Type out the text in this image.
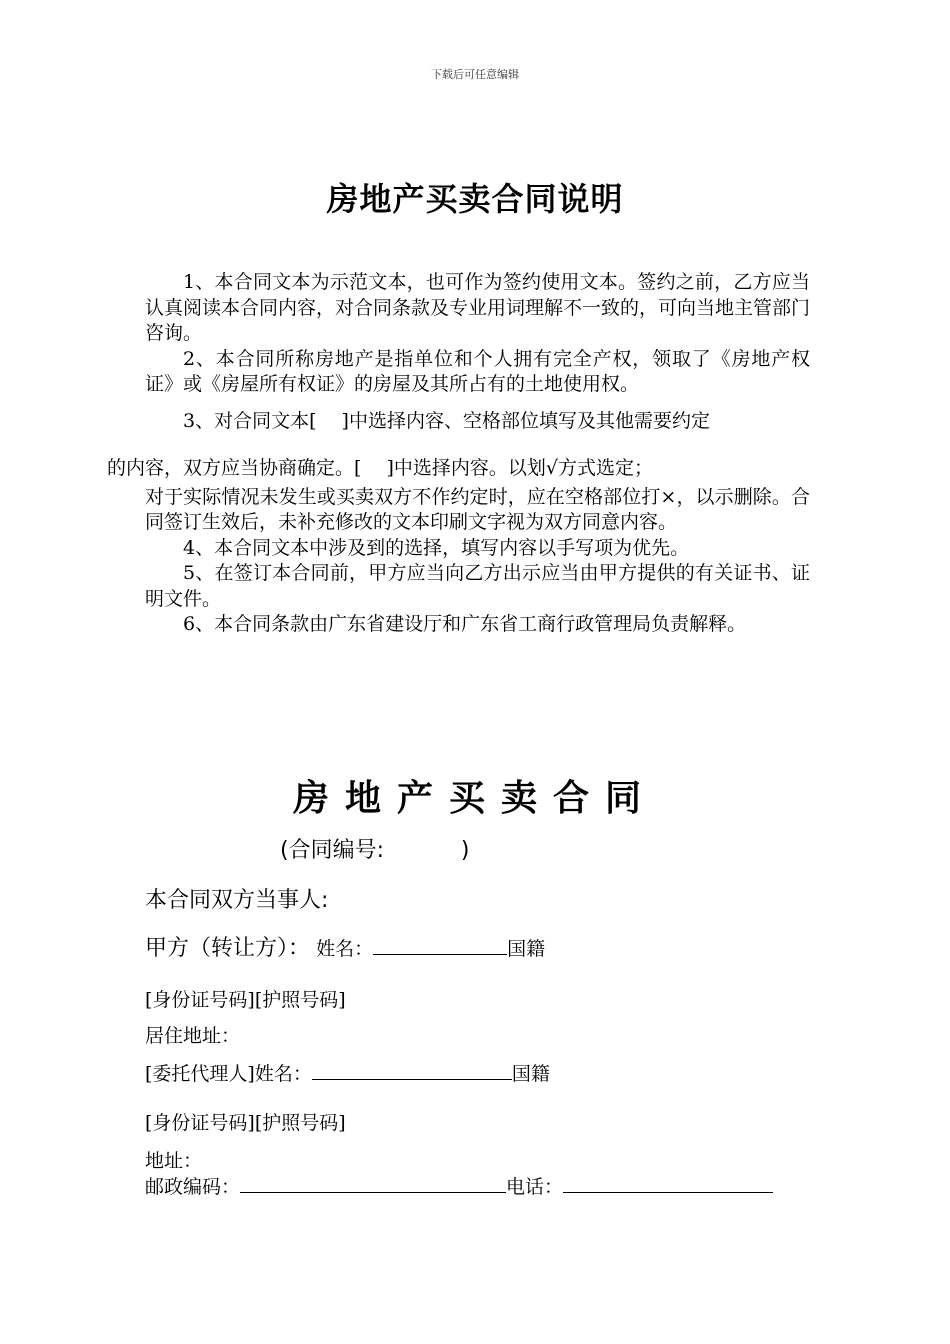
下载后可任意编辑
房地产买卖合同说明

1、本合同文本为示范文本，也可作为签约使用文本。签约之前，乙方应当认真阅读本合同内容，对合同条款及专业用词理解不一致的，可向当地主管部门咨询。

2、本合同所称房地产是指单位和个人拥有完全产权，领取了《房地产权证》或《房屋所有权证》的房屋及其所占有的土地使用权。

3、对合同文本[　 ]中选择内容、空格部位填写及其他需要约定
的内容，双方应当协商确定。[　 ]中选择内容。以划√方式选定；

对于实际情况未发生或买卖双方不作约定时，应在空格部位打×，以示删除。合同签订生效后，未补充修改的文本印刷文字视为双方同意内容。

4、本合同文本中涉及到的选择，填写内容以手写项为优先。

5、在签订本合同前，甲方应当向乙方出示应当由甲方提供的有关证书、证明文件。

6、本合同条款由广东省建设厅和广东省工商行政管理局负责解释。

房地产买卖合同
(合同编号:           )
本合同双方当事人:
甲方（转让方）： 姓名：	国籍
[身份证号码][护照号码]
居住地址：
[委托代理人]姓名：	国籍
[身份证号码][护照号码]
地址：
邮政编码：	电话：
